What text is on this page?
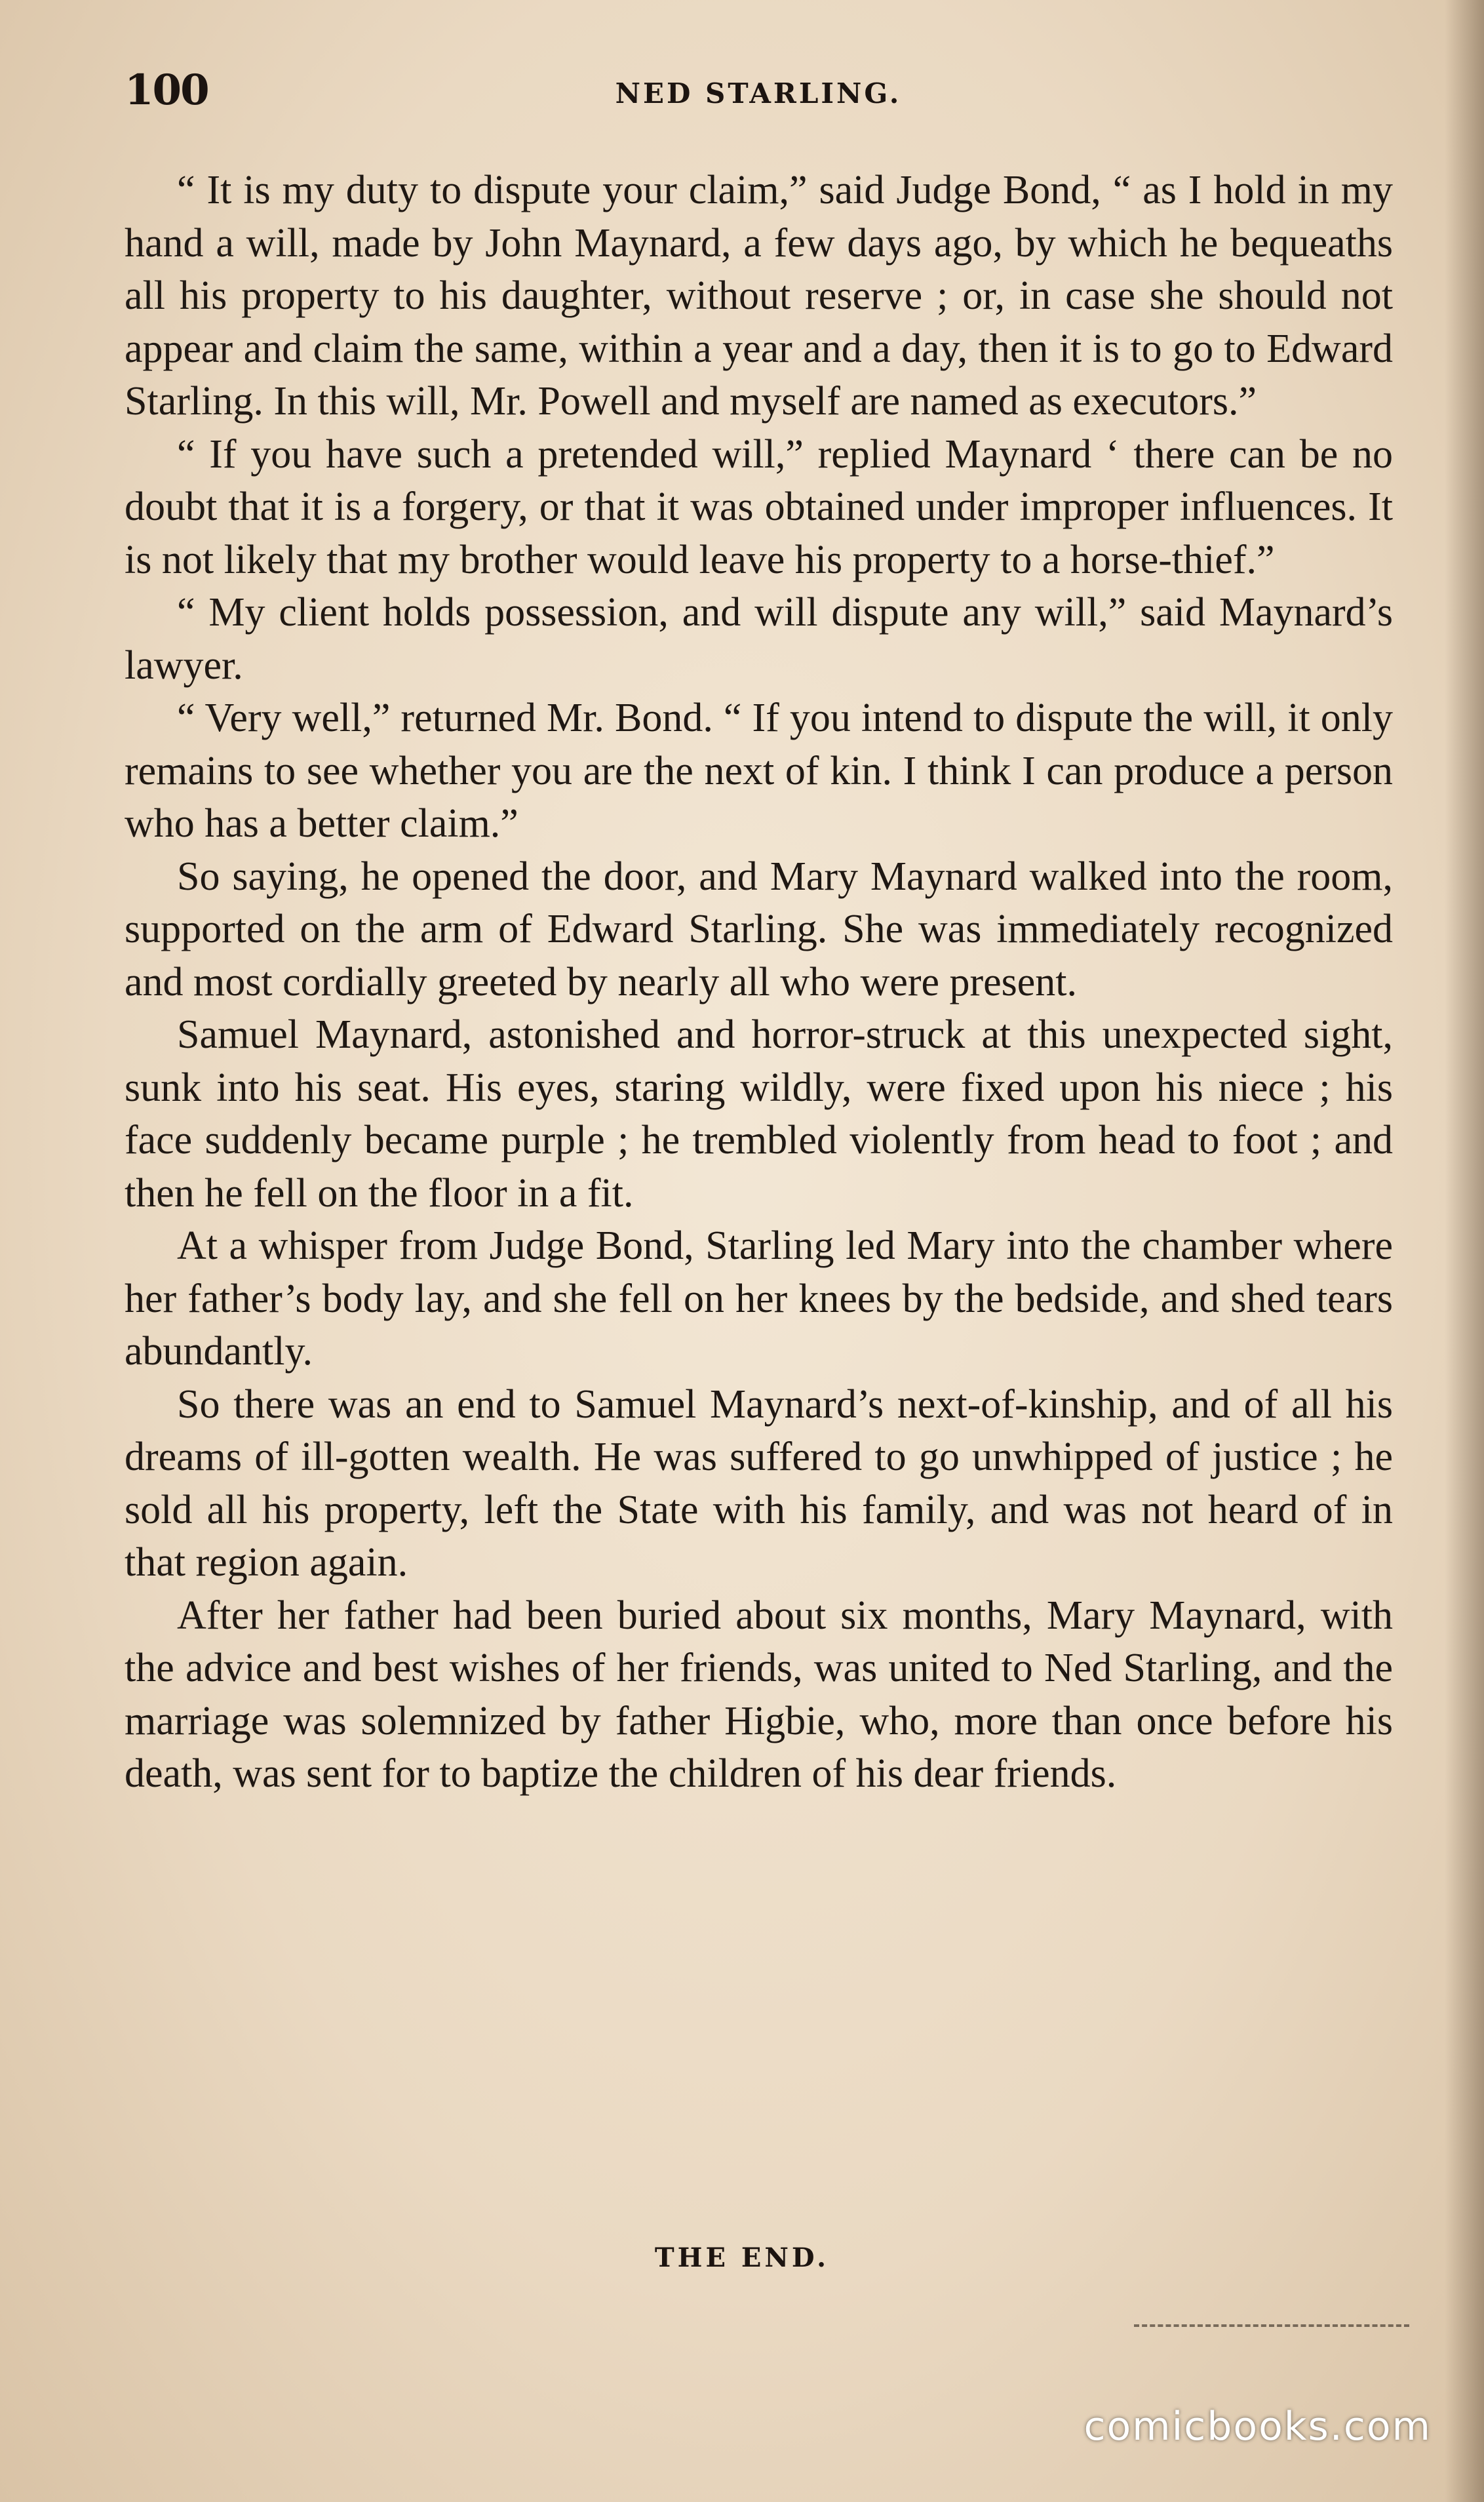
100	NED STARLING.

“ It is my duty to dispute your claim,” said Judge Bond, “ as I hold in my hand a will, made by John Maynard, a few days ago, by which he bequeaths all his property to his daughter, without reserve ; or, in case she should not appear and claim the same, within a year and a day, then it is to go to Edward Starling. In this will, Mr. Powell and myself are named as executors.”

“ If you have such a pretended will,” replied Maynard ‘ there can be no doubt that it is a forgery, or that it was obtained under improper influences. It is not likely that my brother would leave his property to a horse-thief.”

“ My client holds possession, and will dispute any will,” said Maynard’s lawyer.

“ Very well,” returned Mr. Bond. “ If you intend to dispute the will, it only remains to see whether you are the next of kin. I think I can produce a person who has a better claim.”

So saying, he opened the door, and Mary Maynard walked into the room, supported on the arm of Edward Starling. She was immediately recognized and most cordially greeted by nearly all who were present.

Samuel Maynard, astonished and horror-struck at this unexpected sight, sunk into his seat. His eyes, staring wildly, were fixed upon his niece ; his face suddenly became purple ; he trembled violently from head to foot ; and then he fell on the floor in a fit.

At a whisper from Judge Bond, Starling led Mary into the chamber where her father’s body lay, and she fell on her knees by the bedside, and shed tears abundantly.

So there was an end to Samuel Maynard’s next-of-kinship, and of all his dreams of ill-gotten wealth. He was suffered to go unwhipped of justice ; he sold all his property, left the State with his family, and was not heard of in that region again.

After her father had been buried about six months, Mary Maynard, with the advice and best wishes of her friends, was united to Ned Starling, and the marriage was solemnized by father Higbie, who, more than once before his death, was sent for to baptize the children of his dear friends.

THE END.
comicbooks.com
